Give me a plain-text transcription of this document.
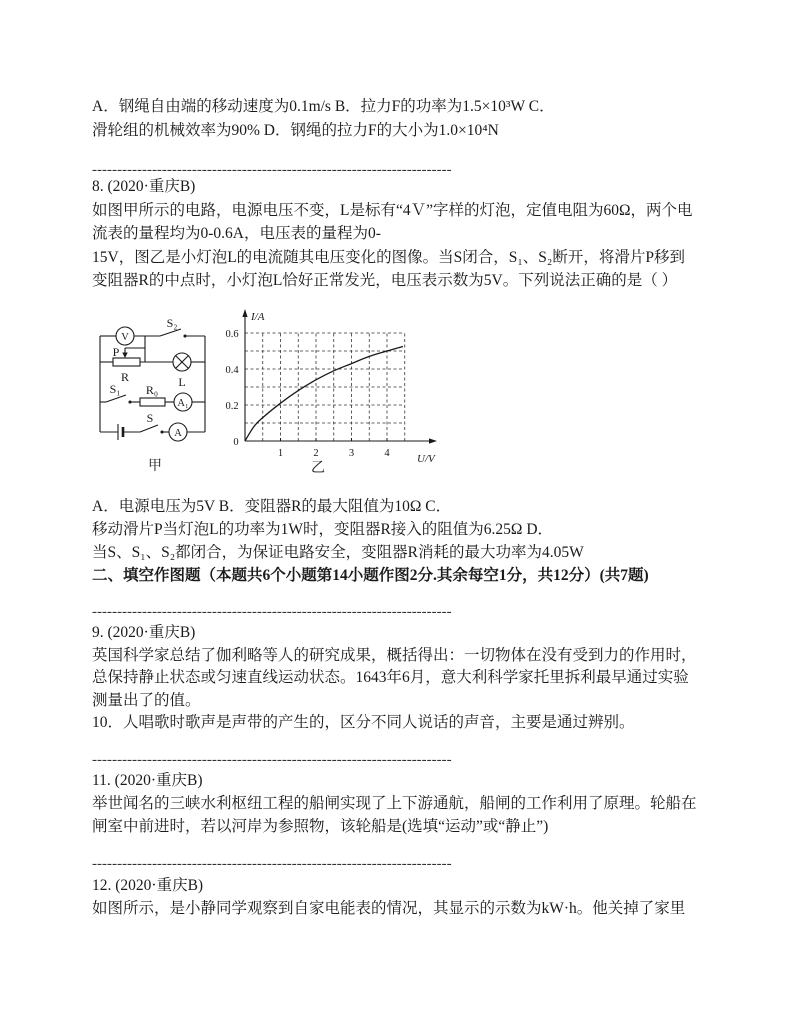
A．钢绳自由端的移动速度为0.1m/s B．拉力F的功率为1.5×10³W C．
滑轮组的机械效率为90% D．钢绳的拉力F的大小为1.0×10⁴N
------------------------------------------------------------------------
8. (2020·重庆B)
如图甲所示的电路，电源电压不变，L是标有“4Ｖ”字样的灯泡，定值电阻为60Ω，两个电
流表的量程均为0-0.6A，电压表的量程为0-
15V，图乙是小灯泡L的电流随其电压变化的图像。当S闭合，S₁、S₂断开，将滑片P移到
变阻器R的中点时，小灯泡L恰好正常发光，电压表示数为5V。下列说法正确的是（ ）
V
S₂
P
R	L
S₁ R₀
A₁
S
A
甲
I/A
U/V
0
乙
1	2	3	4
0.2
0.4
0.6
A．电源电压为5V B．变阻器R的最大阻值为10Ω C．
移动滑片P当灯泡L的功率为1W时，变阻器R接入的阻值为6.25Ω D．
当S、S₁、S₂都闭合，为保证电路安全，变阻器R消耗的最大功率为4.05W
二、填空作图题（本题共6个小题第14小题作图2分.其余每空1分，共12分）(共7题)
------------------------------------------------------------------------
9. (2020·重庆B)
英国科学家总结了伽利略等人的研究成果，概括得出：一切物体在没有受到力的作用时，
总保持静止状态或匀速直线运动状态。1643年6月，意大利科学家托里拆利最早通过实验
测量出了的值。
10．人唱歌时歌声是声带的产生的，区分不同人说话的声音，主要是通过辨别。
------------------------------------------------------------------------
11. (2020·重庆B)
举世闻名的三峡水利枢纽工程的船闸实现了上下游通航，船闸的工作利用了原理。轮船在
闸室中前进时，若以河岸为参照物，该轮船是(选填“运动”或“静止”)
------------------------------------------------------------------------
12. (2020·重庆B)
如图所示，是小静同学观察到自家电能表的情况，其显示的示数为kW·h。他关掉了家里
